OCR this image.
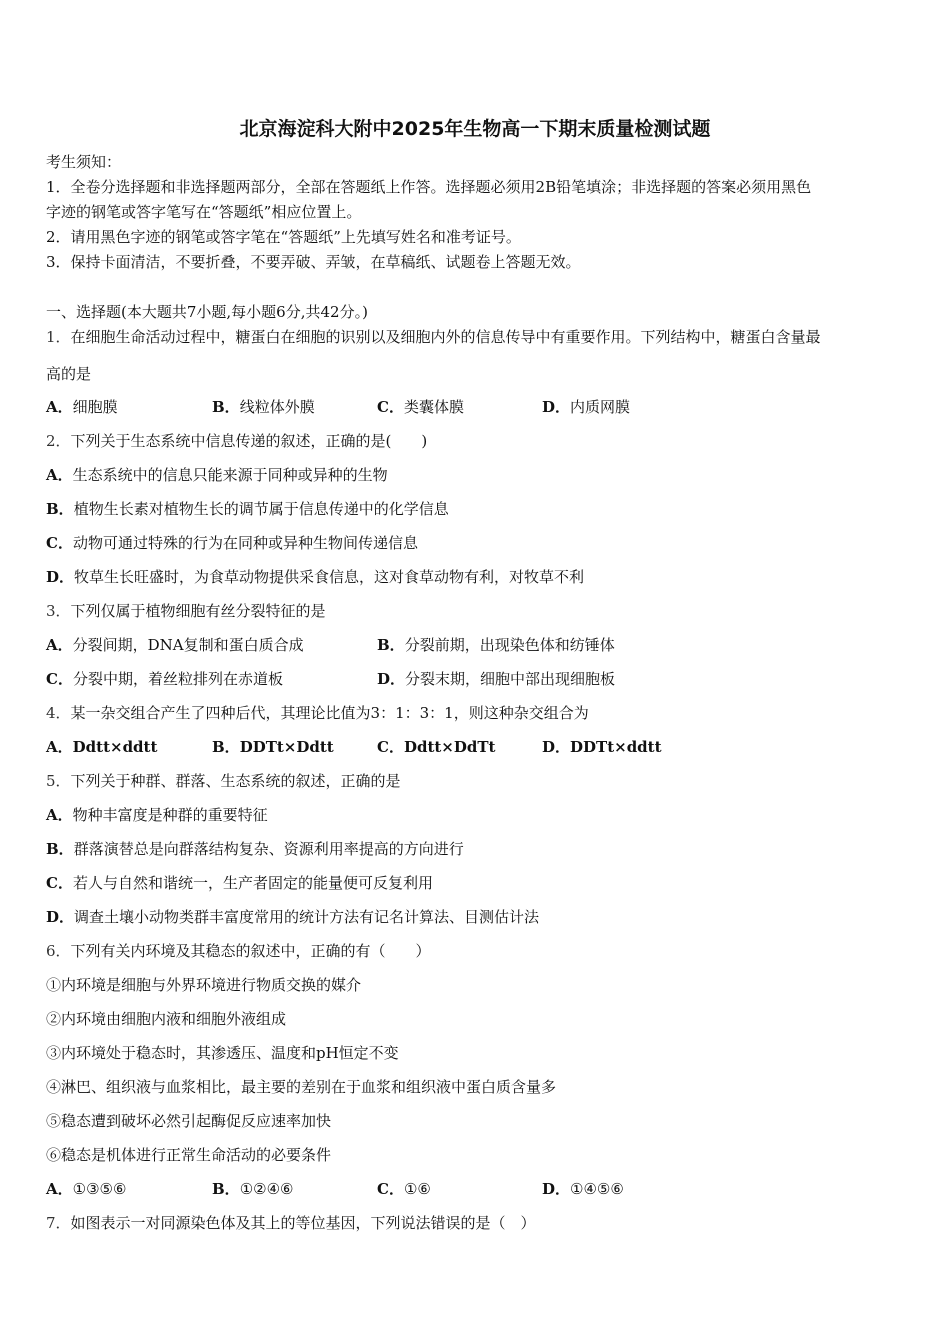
北京海淀科大附中2025年生物高一下期末质量检测试题
考生须知：
1．全卷分选择题和非选择题两部分，全部在答题纸上作答。选择题必须用2B铅笔填涂；非选择题的答案必须用黑色
字迹的钢笔或答字笔写在“答题纸”相应位置上。
2．请用黑色字迹的钢笔或答字笔在“答题纸”上先填写姓名和准考证号。
3．保持卡面清洁，不要折叠，不要弄破、弄皱，在草稿纸、试题卷上答题无效。
一、选择题(本大题共7小题,每小题6分,共42分。)
1．在细胞生命活动过程中，糖蛋白在细胞的识别以及细胞内外的信息传导中有重要作用。下列结构中，糖蛋白含量最
高的是
A．细胞膜	B．线粒体外膜	C．类囊体膜	D．内质网膜
2．下列关于生态系统中信息传递的叙述，正确的是(　　)
A．生态系统中的信息只能来源于同种或异种的生物
B．植物生长素对植物生长的调节属于信息传递中的化学信息
C．动物可通过特殊的行为在同种或异种生物间传递信息
D．牧草生长旺盛时，为食草动物提供采食信息，这对食草动物有利，对牧草不利
3．下列仅属于植物细胞有丝分裂特征的是
A．分裂间期，DNA复制和蛋白质合成	B．分裂前期，出现染色体和纺锤体
C．分裂中期，着丝粒排列在赤道板	D．分裂末期，细胞中部出现细胞板
4．某一杂交组合产生了四种后代，其理论比值为3：1：3：1，则这种杂交组合为
A．Ddtt×ddtt	B．DDTt×Ddtt	C．Ddtt×DdTt	D．DDTt×ddtt
5．下列关于种群、群落、生态系统的叙述，正确的是
A．物种丰富度是种群的重要特征
B．群落演替总是向群落结构复杂、资源利用率提高的方向进行
C．若人与自然和谐统一，生产者固定的能量便可反复利用
D．调查土壤小动物类群丰富度常用的统计方法有记名计算法、目测估计法
6．下列有关内环境及其稳态的叙述中，正确的有（　　）
①内环境是细胞与外界环境进行物质交换的媒介
②内环境由细胞内液和细胞外液组成
③内环境处于稳态时，其渗透压、温度和pH恒定不变
④淋巴、组织液与血浆相比，最主要的差别在于血浆和组织液中蛋白质含量多
⑤稳态遭到破坏必然引起酶促反应速率加快
⑥稳态是机体进行正常生命活动的必要条件
A．①③⑤⑥	B．①②④⑥	C．①⑥	D．①④⑤⑥
7．如图表示一对同源染色体及其上的等位基因，下列说法错误的是（　）
